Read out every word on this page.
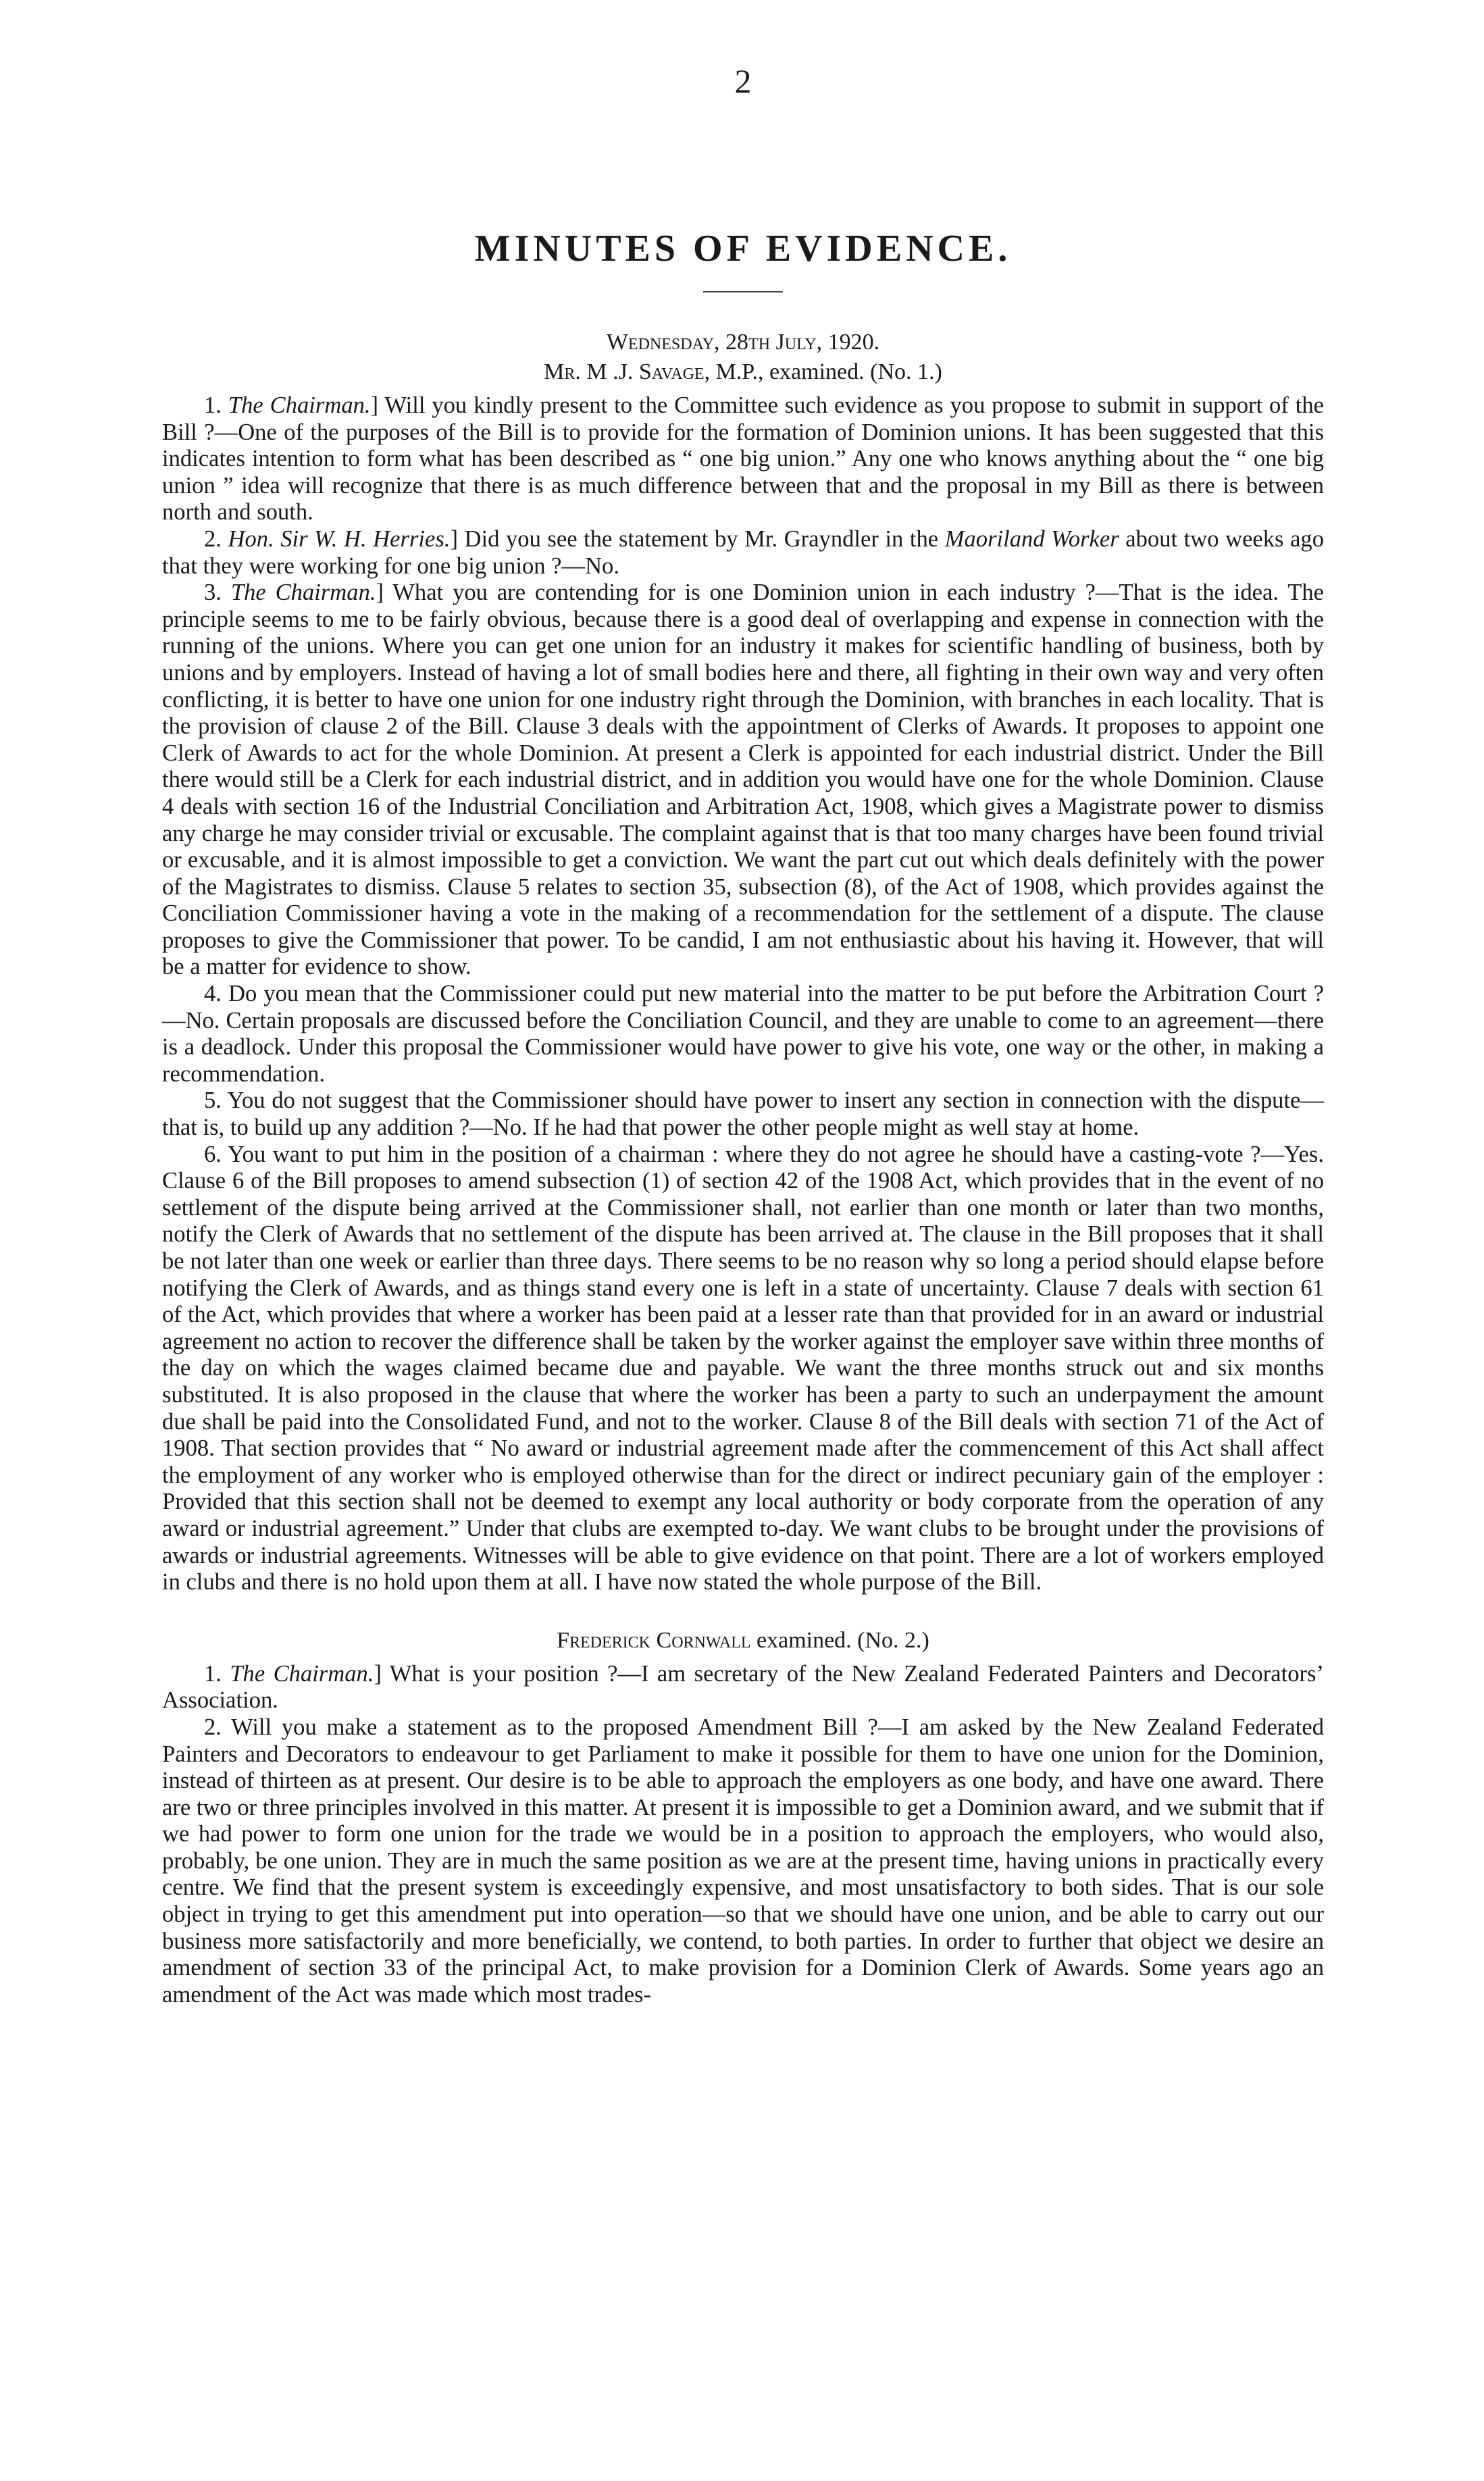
2
MINUTES OF EVIDENCE.
Wednesday, 28th July, 1920.
Mr. M .J. Savage, M.P., examined. (No. 1.)

1. The Chairman.] Will you kindly present to the Committee such evidence as you propose to submit in support of the Bill ?—One of the purposes of the Bill is to provide for the formation of Dominion unions. It has been suggested that this indicates intention to form what has been described as “ one big union.” Any one who knows anything about the “ one big union ” idea will recognize that there is as much difference between that and the proposal in my Bill as there is between north and south.

2. Hon. Sir W. H. Herries.] Did you see the statement by Mr. Grayndler in the Maoriland Worker about two weeks ago that they were working for one big union ?—No.

3. The Chairman.] What you are contending for is one Dominion union in each industry ?—That is the idea. The principle seems to me to be fairly obvious, because there is a good deal of overlapping and expense in connection with the running of the unions. Where you can get one union for an industry it makes for scientific handling of business, both by unions and by employers. Instead of having a lot of small bodies here and there, all fighting in their own way and very often conflicting, it is better to have one union for one industry right through the Dominion, with branches in each locality. That is the provision of clause 2 of the Bill. Clause 3 deals with the appointment of Clerks of Awards. It proposes to appoint one Clerk of Awards to act for the whole Dominion. At present a Clerk is appointed for each industrial district. Under the Bill there would still be a Clerk for each industrial district, and in addition you would have one for the whole Dominion. Clause 4 deals with section 16 of the Industrial Conciliation and Arbitration Act, 1908, which gives a Magistrate power to dismiss any charge he may consider trivial or excusable. The complaint against that is that too many charges have been found trivial or excusable, and it is almost impossible to get a conviction. We want the part cut out which deals definitely with the power of the Magistrates to dismiss. Clause 5 relates to section 35, subsection (8), of the Act of 1908, which provides against the Conciliation Commissioner having a vote in the making of a recommendation for the settlement of a dispute. The clause proposes to give the Commissioner that power. To be candid, I am not enthusiastic about his having it. However, that will be a matter for evidence to show.

4. Do you mean that the Commissioner could put new material into the matter to be put before the Arbitration Court ?—No. Certain proposals are discussed before the Conciliation Council, and they are unable to come to an agreement—there is a deadlock. Under this proposal the Commissioner would have power to give his vote, one way or the other, in making a recommendation.

5. You do not suggest that the Commissioner should have power to insert any section in connection with the dispute—that is, to build up any addition ?—No. If he had that power the other people might as well stay at home.

6. You want to put him in the position of a chairman : where they do not agree he should have a casting-vote ?—Yes. Clause 6 of the Bill proposes to amend subsection (1) of section 42 of the 1908 Act, which provides that in the event of no settlement of the dispute being arrived at the Commissioner shall, not earlier than one month or later than two months, notify the Clerk of Awards that no settlement of the dispute has been arrived at. The clause in the Bill proposes that it shall be not later than one week or earlier than three days. There seems to be no reason why so long a period should elapse before notifying the Clerk of Awards, and as things stand every one is left in a state of uncertainty. Clause 7 deals with section 61 of the Act, which provides that where a worker has been paid at a lesser rate than that provided for in an award or industrial agreement no action to recover the difference shall be taken by the worker against the employer save within three months of the day on which the wages claimed became due and payable. We want the three months struck out and six months substituted. It is also proposed in the clause that where the worker has been a party to such an underpayment the amount due shall be paid into the Consolidated Fund, and not to the worker. Clause 8 of the Bill deals with section 71 of the Act of 1908. That section provides that “ No award or industrial agreement made after the commencement of this Act shall affect the employment of any worker who is employed otherwise than for the direct or indirect pecuniary gain of the employer : Provided that this section shall not be deemed to exempt any local authority or body corporate from the operation of any award or industrial agreement.” Under that clubs are exempted to-day. We want clubs to be brought under the provisions of awards or industrial agreements. Witnesses will be able to give evidence on that point. There are a lot of workers employed in clubs and there is no hold upon them at all. I have now stated the whole purpose of the Bill.

Frederick Cornwall examined. (No. 2.)

1. The Chairman.] What is your position ?—I am secretary of the New Zealand Federated Painters and Decorators’ Association.

2. Will you make a statement as to the proposed Amendment Bill ?—I am asked by the New Zealand Federated Painters and Decorators to endeavour to get Parliament to make it possible for them to have one union for the Dominion, instead of thirteen as at present. Our desire is to be able to approach the employers as one body, and have one award. There are two or three principles involved in this matter. At present it is impossible to get a Dominion award, and we submit that if we had power to form one union for the trade we would be in a position to approach the employers, who would also, probably, be one union. They are in much the same position as we are at the present time, having unions in practically every centre. We find that the present system is exceedingly expensive, and most unsatisfactory to both sides. That is our sole object in trying to get this amendment put into operation—so that we should have one union, and be able to carry out our business more satisfactorily and more beneficially, we contend, to both parties. In order to further that object we desire an amendment of section 33 of the principal Act, to make provision for a Dominion Clerk of Awards. Some years ago an amendment of the Act was made which most trades-
